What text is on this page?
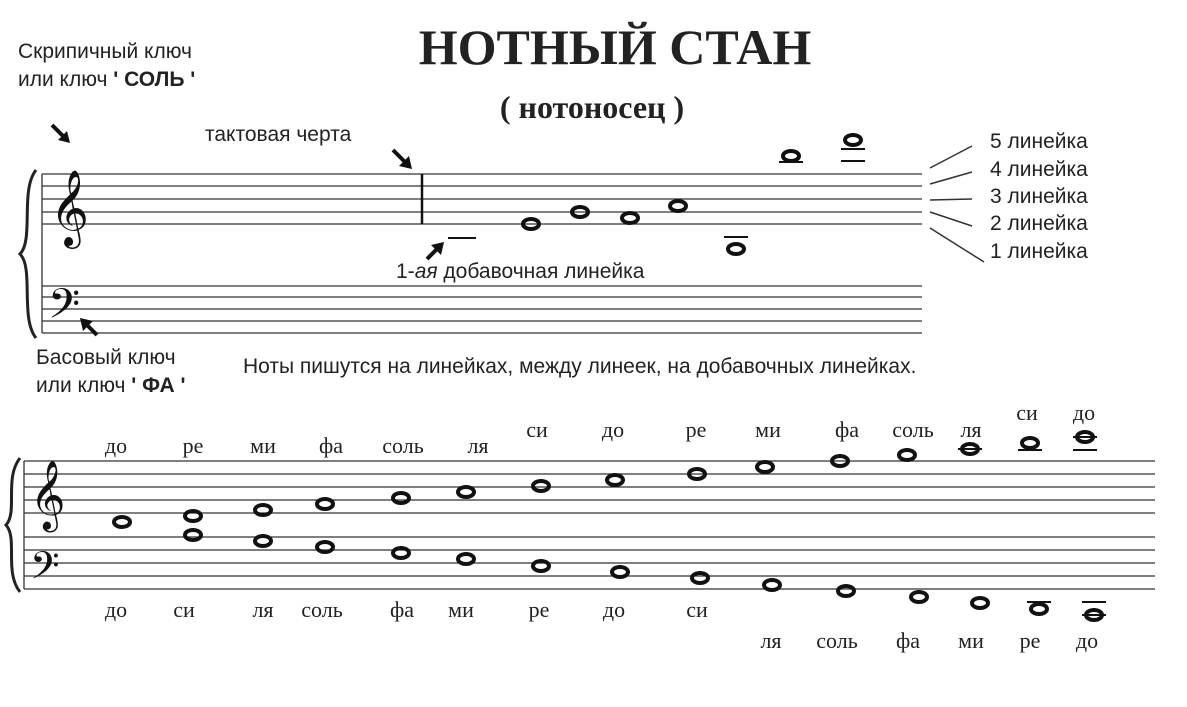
НОТНЫЙ СТАН
( нотоносец )
Скрипичный ключ
или ключ ' СОЛЬ '
тактовая черта
𝄞
𝄢
1-ая добавочная линейка
5 линейка
4 линейка
3 линейка
2 линейка
1 линейка
Басовый ключ
или ключ ' ФА '
Ноты пишутся на линейках, между линеек, на добавочных линейках.
𝄞
𝄢
до	ре ми фа соль ля
си до	ре ми фа соль ля
си до
до си	ля соль фа ми ре до	си
ля соль фа ми ре до
